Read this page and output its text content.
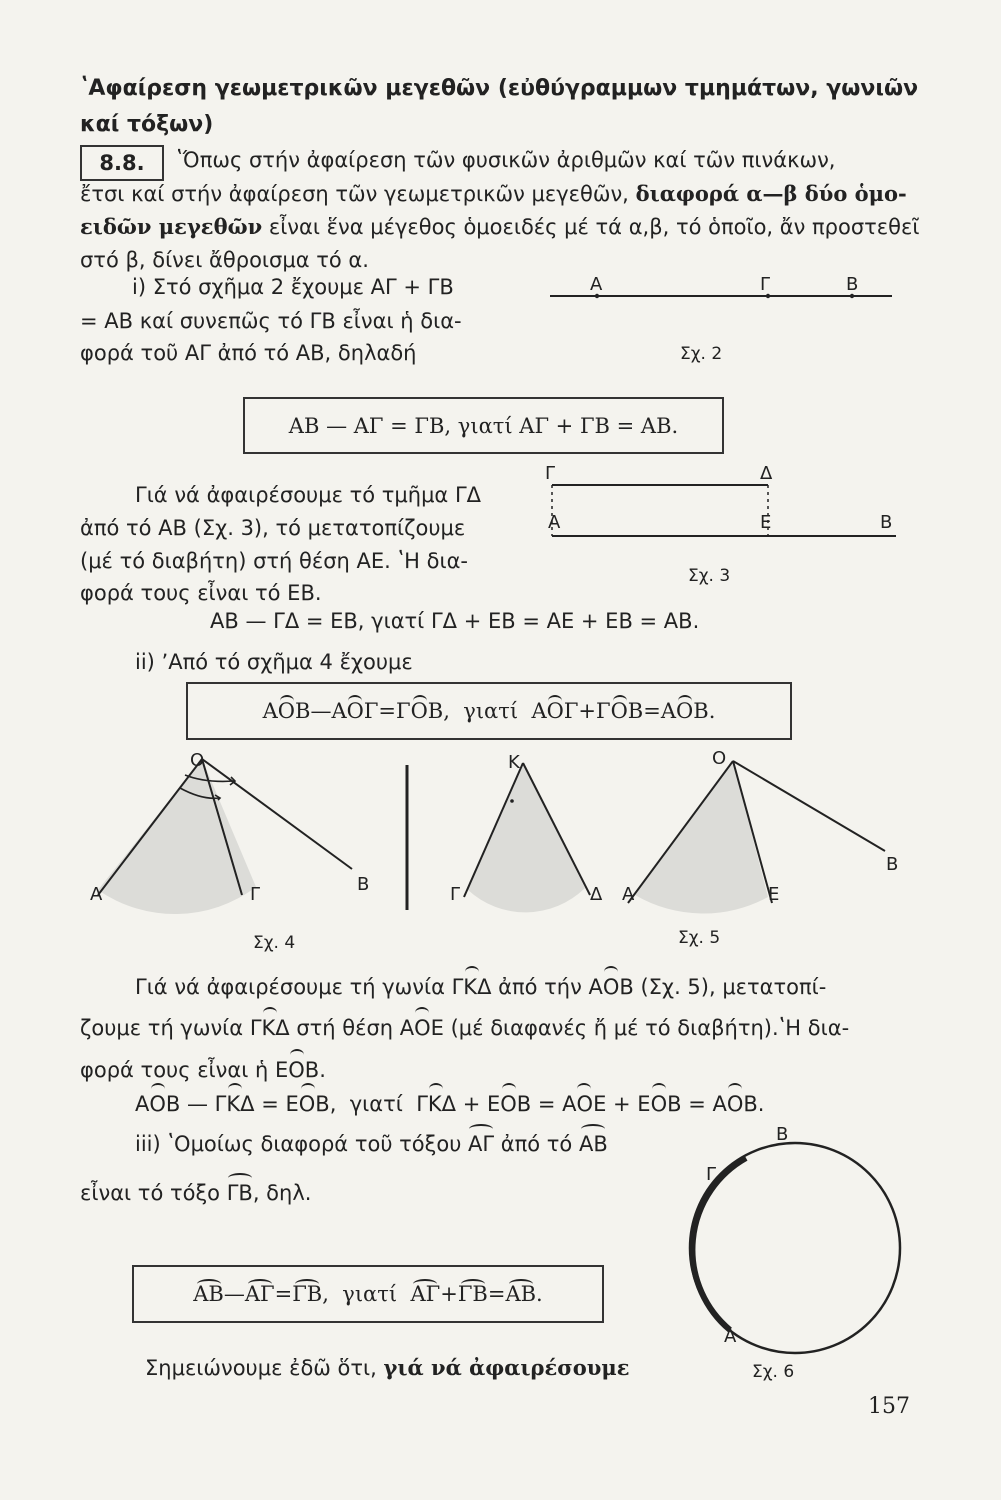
ʽΑφαίρεση γεωμετρικῶν μεγεθῶν (εὐθύγραμμων τμημάτων, γωνιῶν
καί τόξων)
8.8.	ʽΌπως στήν ἀφαίρεση τῶν φυσικῶν ἀριθμῶν καί τῶν πινάκων,
ἔτσι καί στήν ἀφαίρεση τῶν γεωμετρικῶν μεγεθῶν, διαφορά α—β δύο ὁμο-
ειδῶν μεγεθῶν εἶναι ἕνα μέγεθος ὁμοειδές μέ τά α,β, τό ὁποῖο, ἄν προστεθεῖ
στό β, δίνει ἄθροισμα τό α.
i) Στό σχῆμα 2 ἔχουμε ΑΓ + ΓΒ
= ΑΒ καί συνεπῶς τό ΓΒ εἶναι ἡ δια-
φορά τοῦ ΑΓ ἀπό τό ΑΒ, δηλαδή
Α	Γ	Β
Σχ. 2
ΑΒ — ΑΓ = ΓΒ, γιατί ΑΓ + ΓΒ = ΑΒ.
Γιά νά ἀφαιρέσουμε τό τμῆμα ΓΔ
ἀπό τό ΑΒ (Σχ. 3), τό μετατοπίζουμε
(μέ τό διαβήτη) στή θέση ΑΕ. ʽΗ δια-
φορά τους εἶναι τό ΕΒ.
Γ	Δ
Α	Ε	Β
Σχ. 3
ΑΒ — ΓΔ = ΕΒ, γιατί ΓΔ + ΕΒ = ΑΕ + ΕΒ = ΑΒ.
ii) ʼΑπό τό σχῆμα 4 ἔχουμε
ΑΟΒ — ΑΟΓ = ΓΟΒ ,  γιατί ΑΟΓ + ΓΟΒ = ΑΟΒ .
Ο
Α	Γ	Β
Σχ. 4
Κ
Γ	Δ
Ο
Α	Ε
Β
Σχ. 5
Γιά νά ἀφαιρέσουμε τή γωνία ΓΚΔ ἀπό τήν ΑΟΒ (Σχ. 5), μετατοπί-
ζουμε τή γωνία ΓΚΔ στή θέση ΑΟΕ (μέ διαφανές ἤ μέ τό διαβήτη).ʽΗ δια-
φορά τους εἶναι ἡ ΕΟΒ.
ΑΟΒ — ΓΚΔ = ΕΟΒ,  γιατί  ΓΚΔ + ΕΟΒ = ΑΟΕ + ΕΟΒ = ΑΟΒ.
iii) ʽΟμοίως διαφορά τοῦ τόξου ΑΓ ἀπό τό ΑΒ
εἶναι τό τόξο ΓΒ, δηλ.
ΑΒ — ΑΓ = ΓΒ ,  γιατί ΑΓ + ΓΒ = ΑΒ .
Β
Γ
Α
Σχ. 6
Σημειώνουμε ἐδῶ ὅτι, γιά νά ἀφαιρέσουμε
157
